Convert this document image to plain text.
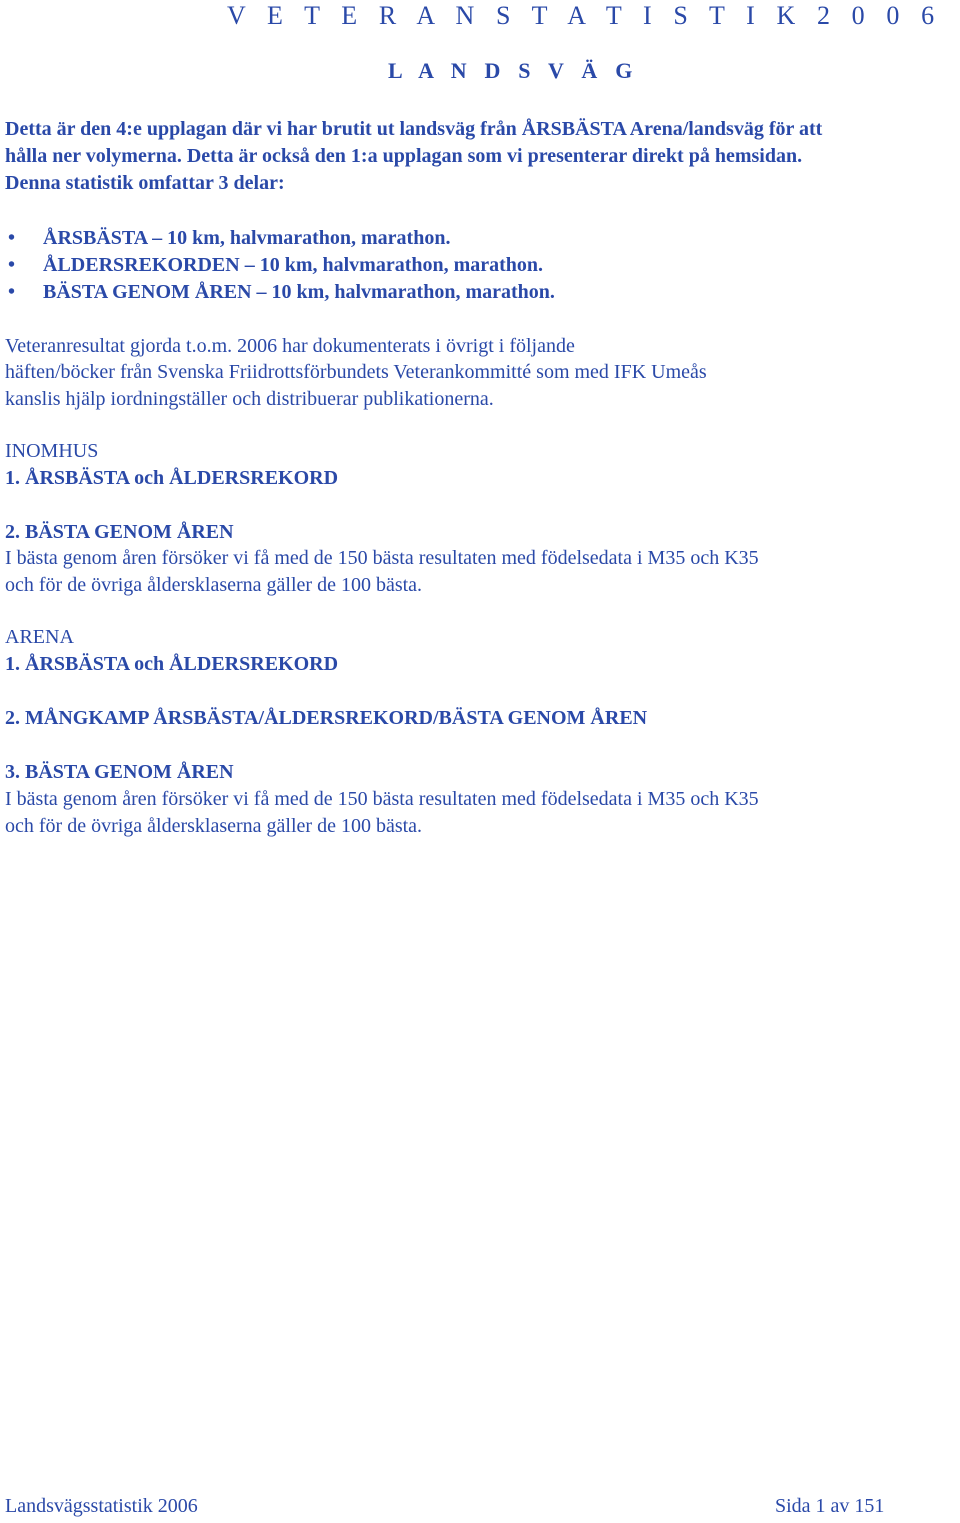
V E T E R A N S T A T I S T I K 2 0 0 6
L A N D S V Ä G
Detta är den 4:e upplagan där vi har brutit ut landsväg från ÅRSBÄSTA Arena/landsväg för att
hålla ner volymerna. Detta är också den 1:a upplagan som vi presenterar direkt på hemsidan.
Denna statistik omfattar 3 delar:
• ÅRSBÄSTA – 10 km, halvmarathon, marathon.
• ÅLDERSREKORDEN – 10 km, halvmarathon, marathon.
• BÄSTA GENOM ÅREN – 10 km, halvmarathon, marathon.
Veteranresultat gjorda t.o.m. 2006 har dokumenterats i övrigt i följande
häften/böcker från Svenska Friidrottsförbundets Veterankommitté som med IFK Umeås
kanslis hjälp iordningställer och distribuerar publikationerna.
INOMHUS
1. ÅRSBÄSTA och ÅLDERSREKORD
2. BÄSTA GENOM ÅREN
I bästa genom åren försöker vi få med de 150 bästa resultaten med födelsedata i M35 och K35
och för de övriga åldersklaserna gäller de 100 bästa.
ARENA
1. ÅRSBÄSTA och ÅLDERSREKORD
2. MÅNGKAMP ÅRSBÄSTA/ÅLDERSREKORD/BÄSTA GENOM ÅREN
3. BÄSTA GENOM ÅREN
I bästa genom åren försöker vi få med de 150 bästa resultaten med födelsedata i M35 och K35
och för de övriga åldersklaserna gäller de 100 bästa.
Landsvägsstatistik 2006	Sida 1 av 151
